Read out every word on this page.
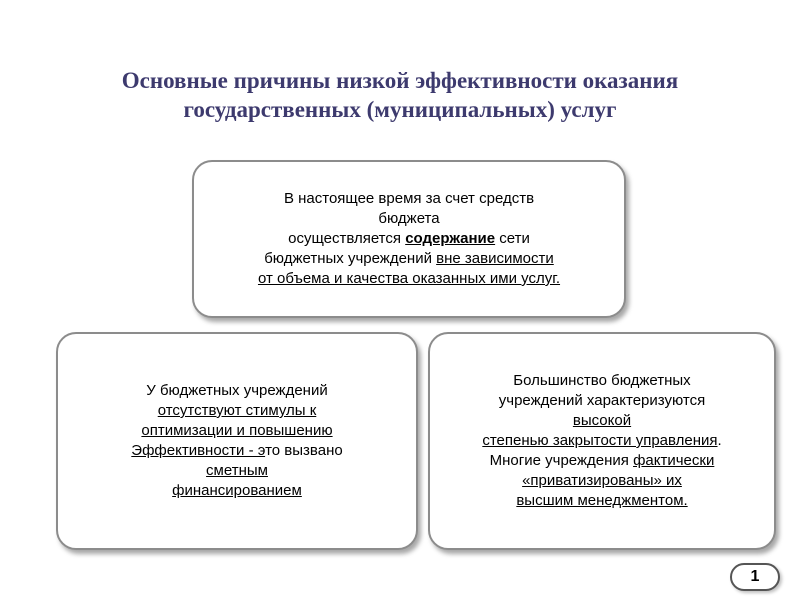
Основные причины низкой эффективности оказания
государственных (муниципальных) услуг
В настоящее время за счет средств
бюджета
осуществляется содержание сети
бюджетных учреждений вне зависимости
от объема и качества оказанных ими услуг.
У бюджетных учреждений
отсутствуют стимулы к
оптимизации и повышению
Эффективности - это вызвано
сметным
финансированием
Большинство бюджетных
учреждений характеризуются
высокой
степенью закрытости управления.
Многие учреждения фактически
«приватизированы» их
высшим менеджментом.
1
